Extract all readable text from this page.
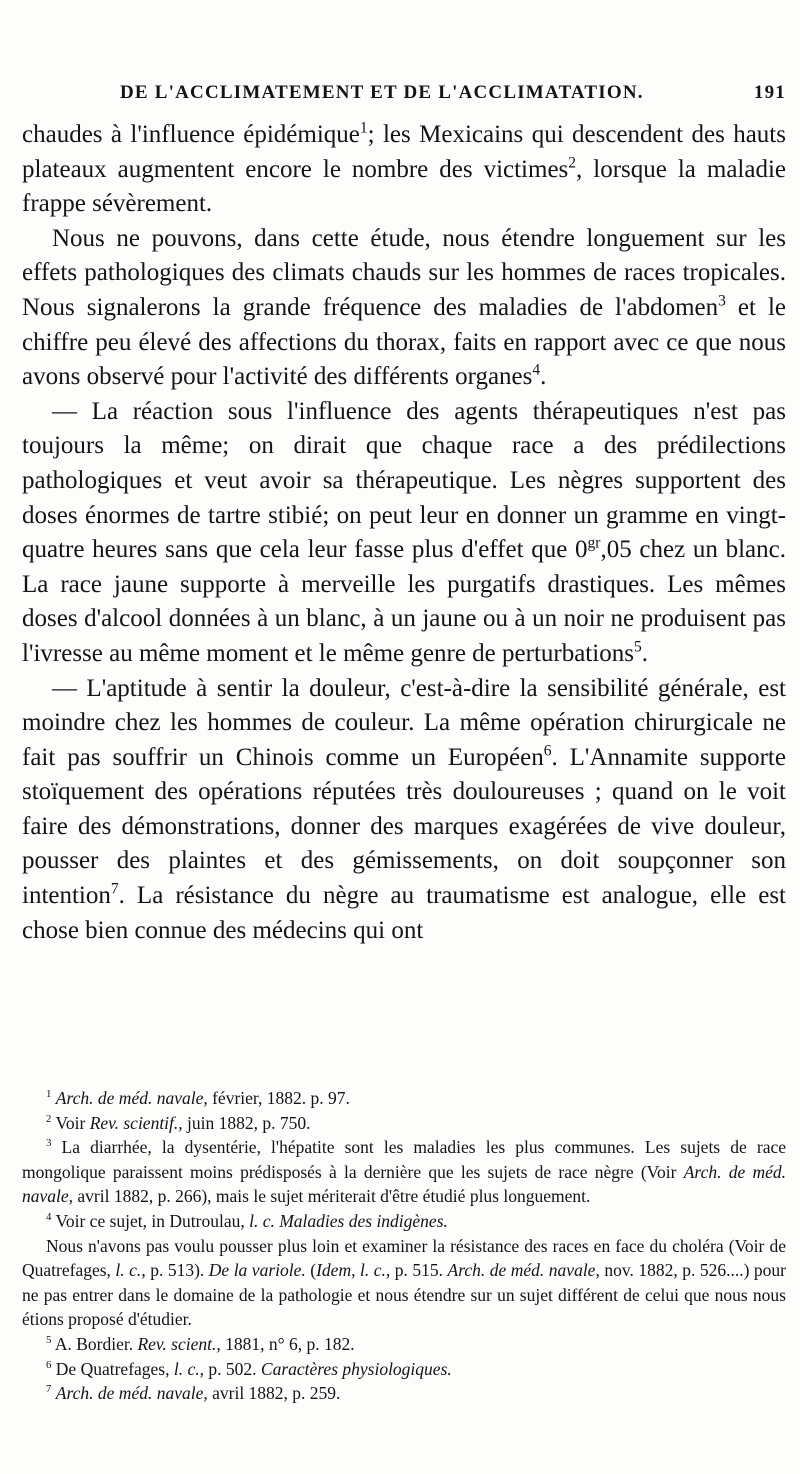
DE L'ACCLIMATEMENT ET DE L'ACCLIMATATION.	191

chaudes à l'influence épidémique$^1$; les Mexicains qui descendent des hauts plateaux augmentent encore le nombre des victimes$^2$, lorsque la maladie frappe sévèrement.

Nous ne pouvons, dans cette étude, nous étendre longuement sur les effets pathologiques des climats chauds sur les hommes de races tropicales. Nous signalerons la grande fréquence des maladies de l'abdomen$^3$ et le chiffre peu élevé des affections du thorax, faits en rapport avec ce que nous avons observé pour l'activité des différents organes$^4$.

— La réaction sous l'influence des agents thérapeutiques n'est pas toujours la même; on dirait que chaque race a des prédilections pathologiques et veut avoir sa thérapeutique. Les nègres supportent des doses énormes de tartre stibié; on peut leur en donner un gramme en vingt-quatre heures sans que cela leur fasse plus d'effet que $0^{gr},05$ chez un blanc. La race jaune supporte à merveille les purgatifs drastiques. Les mêmes doses d'alcool données à un blanc, à un jaune ou à un noir ne produisent pas l'ivresse au même moment et le même genre de perturbations$^5$.

— L'aptitude à sentir la douleur, c'est-à-dire la sensibilité générale, est moindre chez les hommes de couleur. La même opération chirurgicale ne fait pas souffrir un Chinois comme un Européen$^6$. L'Annamite supporte stoïquement des opérations réputées très douloureuses ; quand on le voit faire des démonstrations, donner des marques exagérées de vive douleur, pousser des plaintes et des gémissements, on doit soupçonner son intention$^7$. La résistance du nègre au traumatisme est analogue, elle est chose bien connue des médecins qui ont

$^1$ Arch. de méd. navale, février, 1882. p. 97.

$^2$ Voir Rev. scientif., juin 1882, p. 750.

$^3$ La diarrhée, la dysentérie, l'hépatite sont les maladies les plus communes. Les sujets de race mongolique paraissent moins prédisposés à la dernière que les sujets de race nègre (Voir Arch. de méd. navale, avril 1882, p. 266), mais le sujet mériterait d'être étudié plus longuement.

$^4$ Voir ce sujet, in Dutroulau, l. c. Maladies des indigènes.

Nous n'avons pas voulu pousser plus loin et examiner la résistance des races en face du choléra (Voir de Quatrefages, l. c., p. 513). De la variole. (Idem, l. c., p. 515. Arch. de méd. navale, nov. 1882, p. 526....) pour ne pas entrer dans le domaine de la pathologie et nous étendre sur un sujet différent de celui que nous nous étions proposé d'étudier.

$^5$ A. Bordier. Rev. scient., 1881, n° 6, p. 182.

$^6$ De Quatrefages, l. c., p. 502. Caractères physiologiques.

$^7$ Arch. de méd. navale, avril 1882, p. 259.
